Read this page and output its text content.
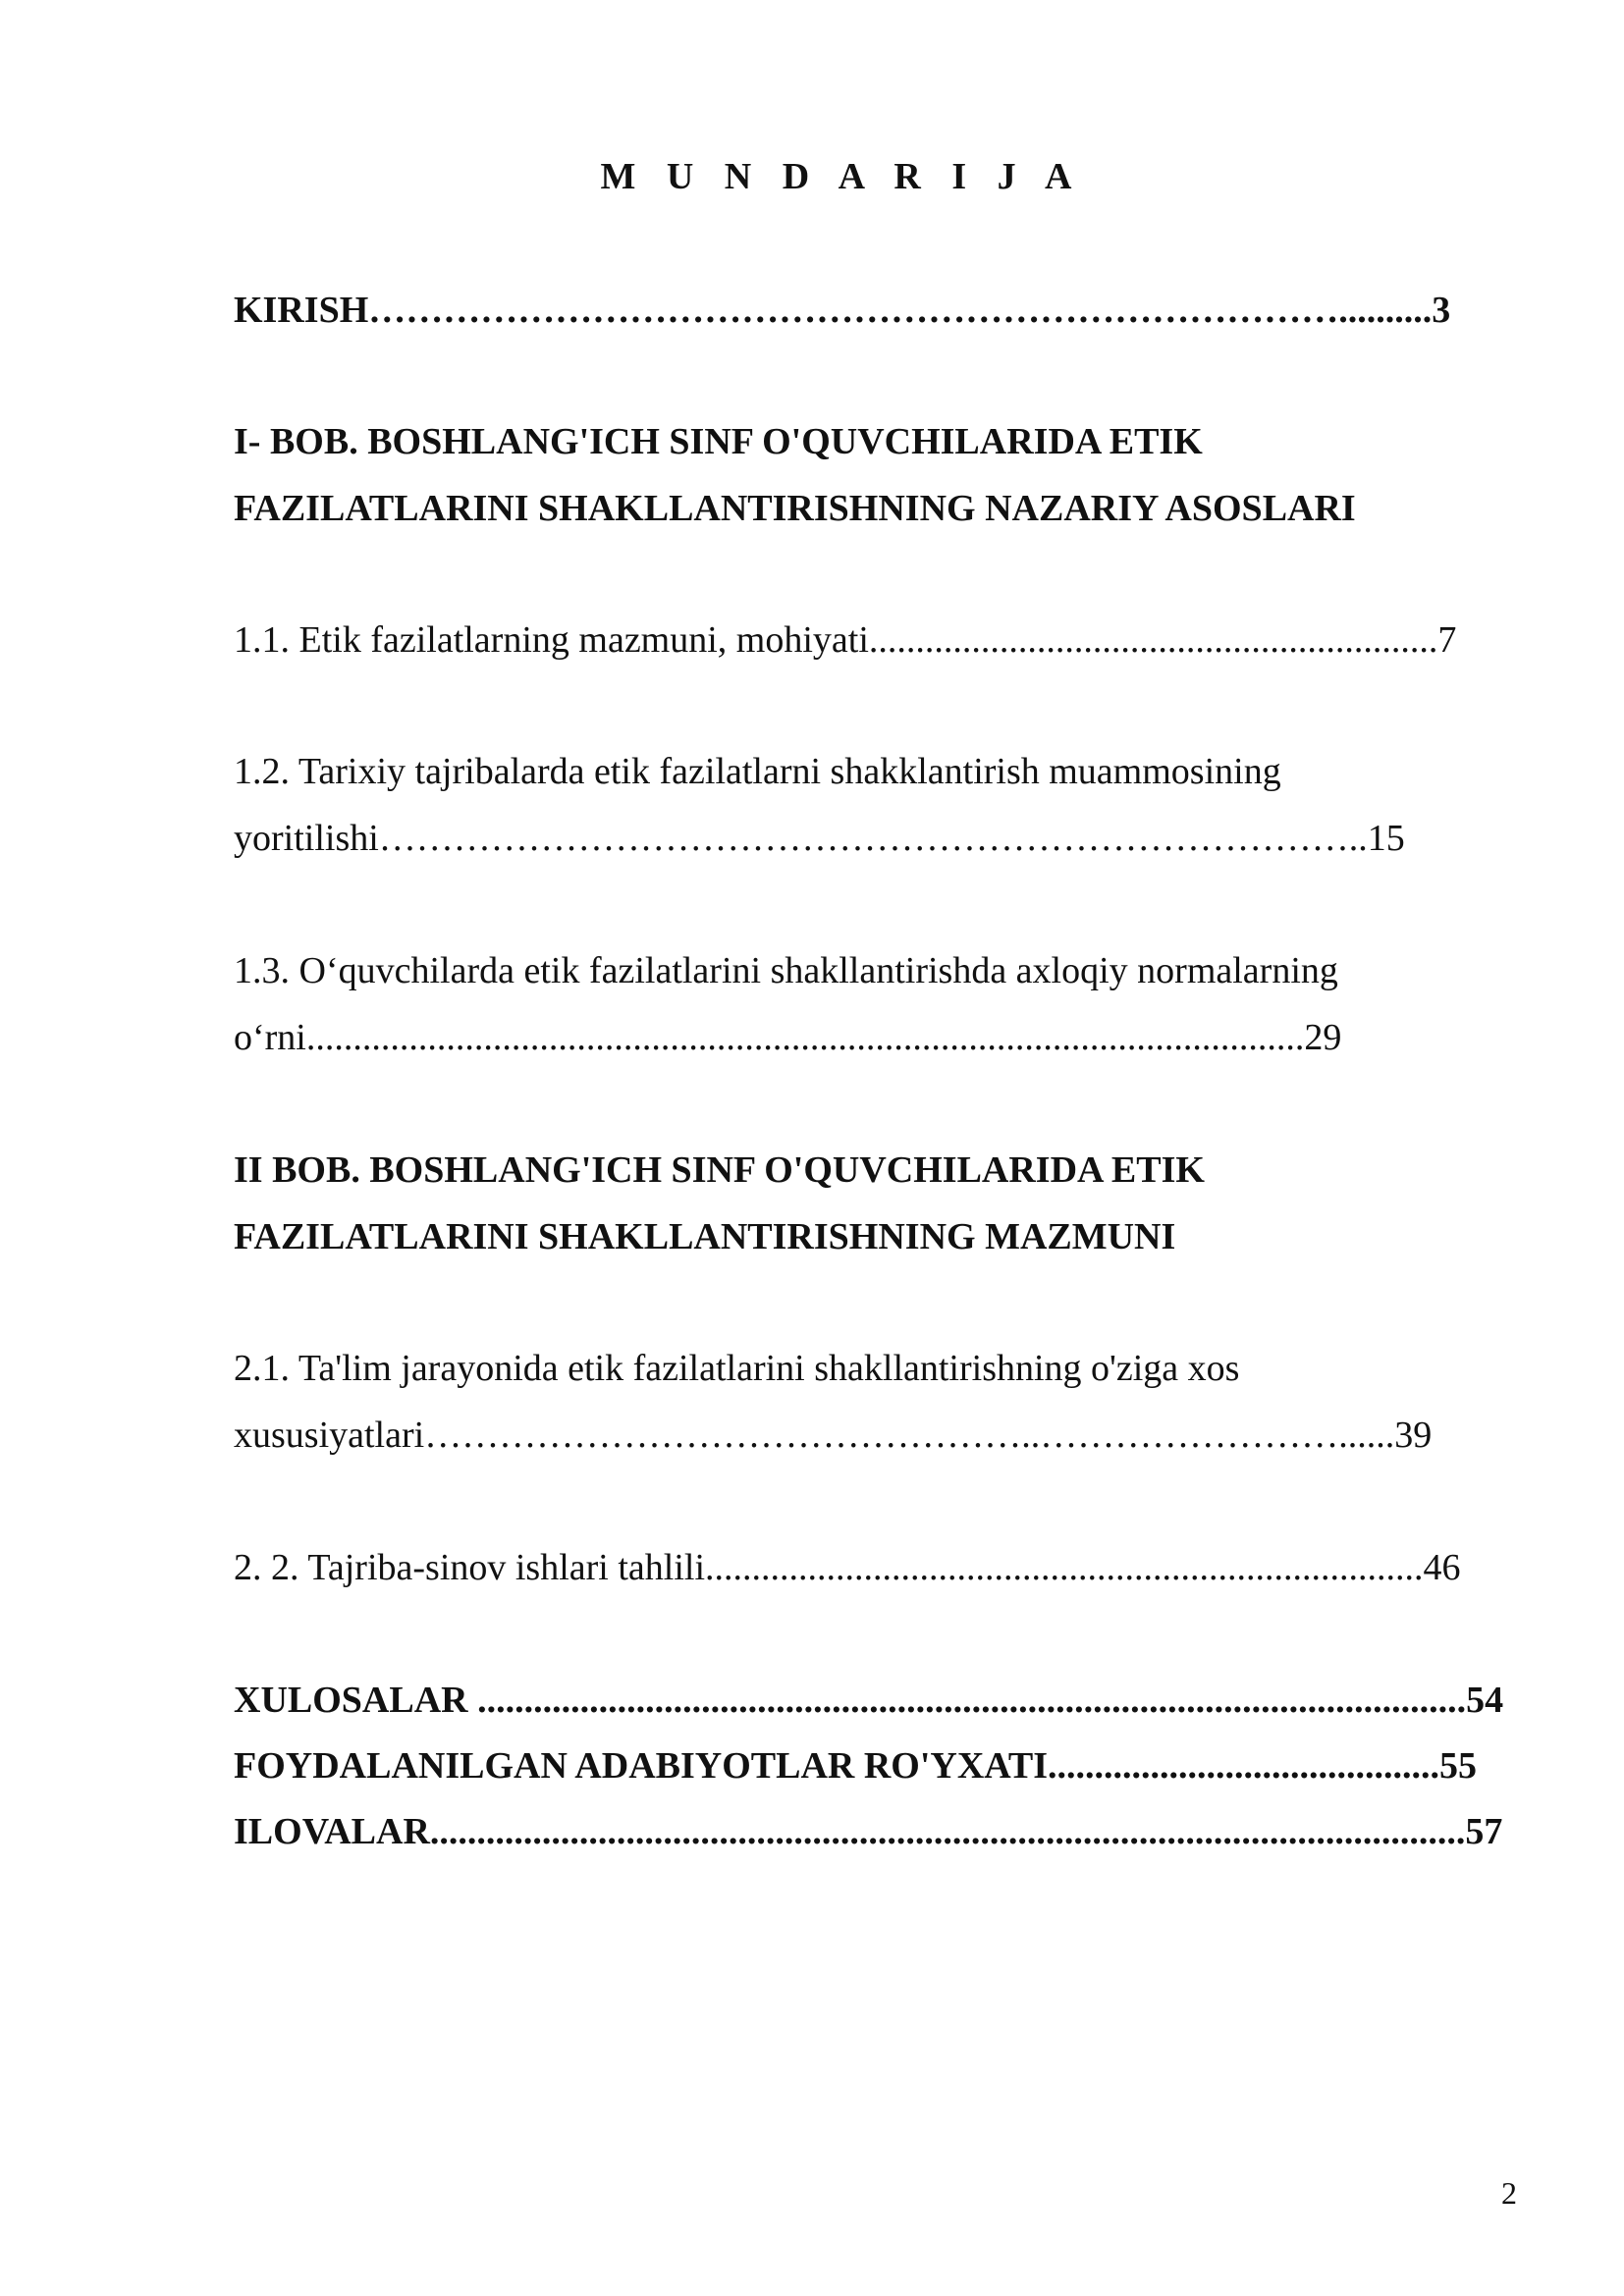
M U N D A R I J A
KIRISH……………………………………………………………………..........3
I- BOB. BOSHLANG'ICH SINF O'QUVCHILARIDA ETIK
FAZILATLARINI SHAKLLANTIRISHNING NAZARIY ASOSLARI
1.1. Etik fazilatlarning mazmuni, mohiyati.............................................................7
1.2. Tarixiy tajribalarda etik fazilatlarni shakklantirish muammosining
yoritilishi……………………………………………………………………..15
1.3. O‘quvchilarda etik fazilatlarini shakllantirishda axloqiy normalarning
o‘rni...........................................................................................................29
II BOB. BOSHLANG'ICH SINF O'QUVCHILARIDA ETIK
FAZILATLARINI SHAKLLANTIRISHNING MAZMUNI
2.1. Ta'lim jarayonida etik fazilatlarini shakllantirishning o'ziga xos
xususiyatlari…………………………………………..……………………......39
2. 2. Tajriba-sinov ishlari tahlili.............................................................................46
XULOSALAR ..........................................................................................................54
FOYDALANILGAN ADABIYOTLAR RO'YXATI..........................................55
ILOVALAR...............................................................................................................57
2
